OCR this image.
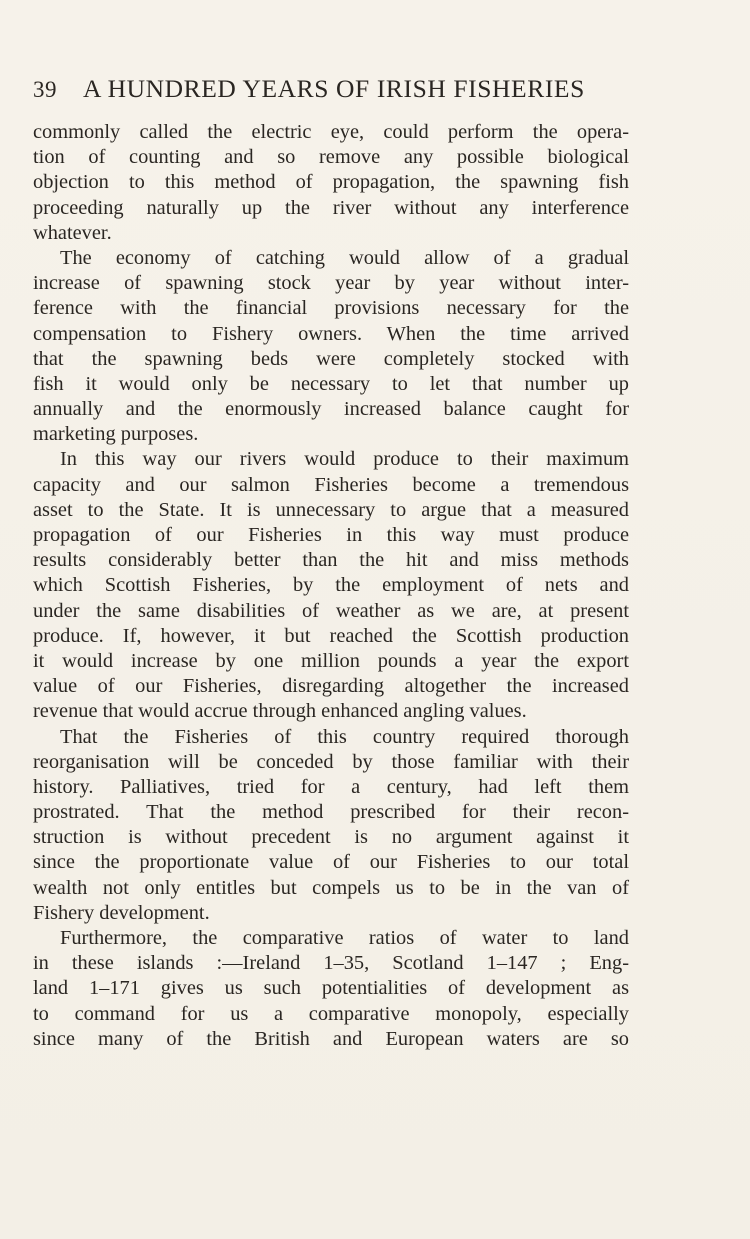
39	A HUNDRED YEARS OF IRISH FISHERIES
commonly called the electric eye, could perform the opera-
tion of counting and so remove any possible biological
objection to this method of propagation, the spawning fish
proceeding naturally up the river without any interference
whatever.
The economy of catching would allow of a gradual
increase of spawning stock year by year without inter-
ference with the financial provisions necessary for the
compensation to Fishery owners. When the time arrived
that the spawning beds were completely stocked with
fish it would only be necessary to let that number up
annually and the enormously increased balance caught for
marketing purposes.
In this way our rivers would produce to their maximum
capacity and our salmon Fisheries become a tremendous
asset to the State. It is unnecessary to argue that a measured
propagation of our Fisheries in this way must produce
results considerably better than the hit and miss methods
which Scottish Fisheries, by the employment of nets and
under the same disabilities of weather as we are, at present
produce. If, however, it but reached the Scottish production
it would increase by one million pounds a year the export
value of our Fisheries, disregarding altogether the increased
revenue that would accrue through enhanced angling values.
That the Fisheries of this country required thorough
reorganisation will be conceded by those familiar with their
history. Palliatives, tried for a century, had left them
prostrated. That the method prescribed for their recon-
struction is without precedent is no argument against it
since the proportionate value of our Fisheries to our total
wealth not only entitles but compels us to be in the van of
Fishery development.
Furthermore, the comparative ratios of water to land
in these islands :—Ireland 1–35, Scotland 1–147 ; Eng-
land 1–171 gives us such potentialities of development as
to command for us a comparative monopoly, especially
since many of the British and European waters are so
